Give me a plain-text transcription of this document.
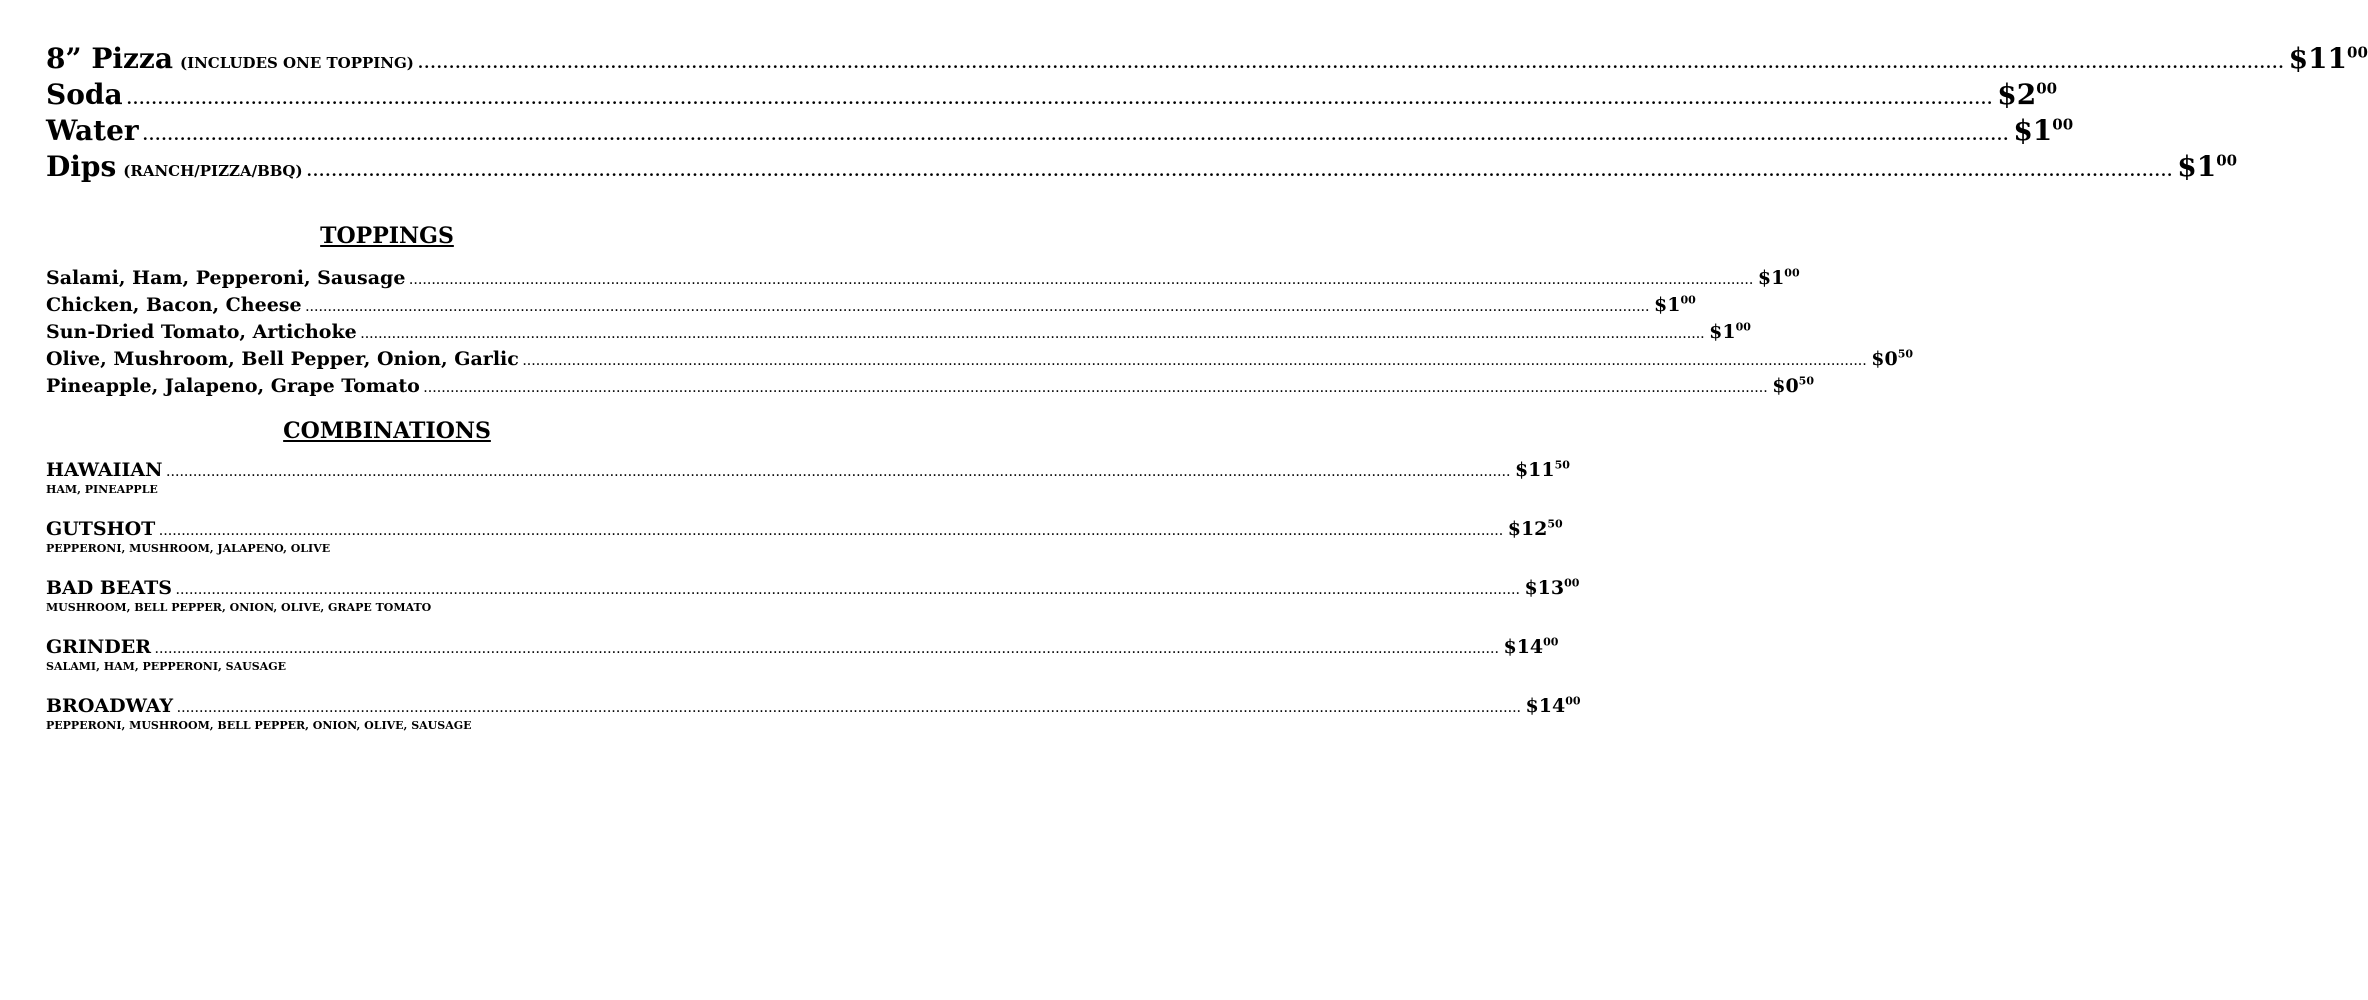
8” Pizza (INCLUDES ONE TOPPING) ............................................................................................................................................................................................................................................................................................................ $\$11^{00}$
Soda ............................................................................................................................................................................................................................................................................................................ $\$2^{00}$
Water ............................................................................................................................................................................................................................................................................................................ $\$1^{00}$
Dips (RANCH/PIZZA/BBQ) ............................................................................................................................................................................................................................................................................................................ $\$1^{00}$
TOPPINGS
Salami, Ham, Pepperoni, Sausage ............................................................................................................................................................................................................................................................................................................ $\$1^{00}$
Chicken, Bacon, Cheese ............................................................................................................................................................................................................................................................................................................ $\$1^{00}$
Sun-Dried Tomato, Artichoke ............................................................................................................................................................................................................................................................................................................ $\$1^{00}$
Olive, Mushroom, Bell Pepper, Onion, Garlic ............................................................................................................................................................................................................................................................................................................ $\$0^{50}$
Pineapple, Jalapeno, Grape Tomato ............................................................................................................................................................................................................................................................................................................ $\$0^{50}$
COMBINATIONS
HAWAIIAN ............................................................................................................................................................................................................................................................................................................ $\$11^{50}$
HAM, PINEAPPLE
GUTSHOT ............................................................................................................................................................................................................................................................................................................ $\$12^{50}$
PEPPERONI, MUSHROOM, JALAPENO, OLIVE
BAD BEATS ............................................................................................................................................................................................................................................................................................................ $\$13^{00}$
MUSHROOM, BELL PEPPER, ONION, OLIVE, GRAPE TOMATO
GRINDER ............................................................................................................................................................................................................................................................................................................ $\$14^{00}$
SALAMI, HAM, PEPPERONI, SAUSAGE
BROADWAY ............................................................................................................................................................................................................................................................................................................ $\$14^{00}$
PEPPERONI, MUSHROOM, BELL PEPPER, ONION, OLIVE, SAUSAGE
